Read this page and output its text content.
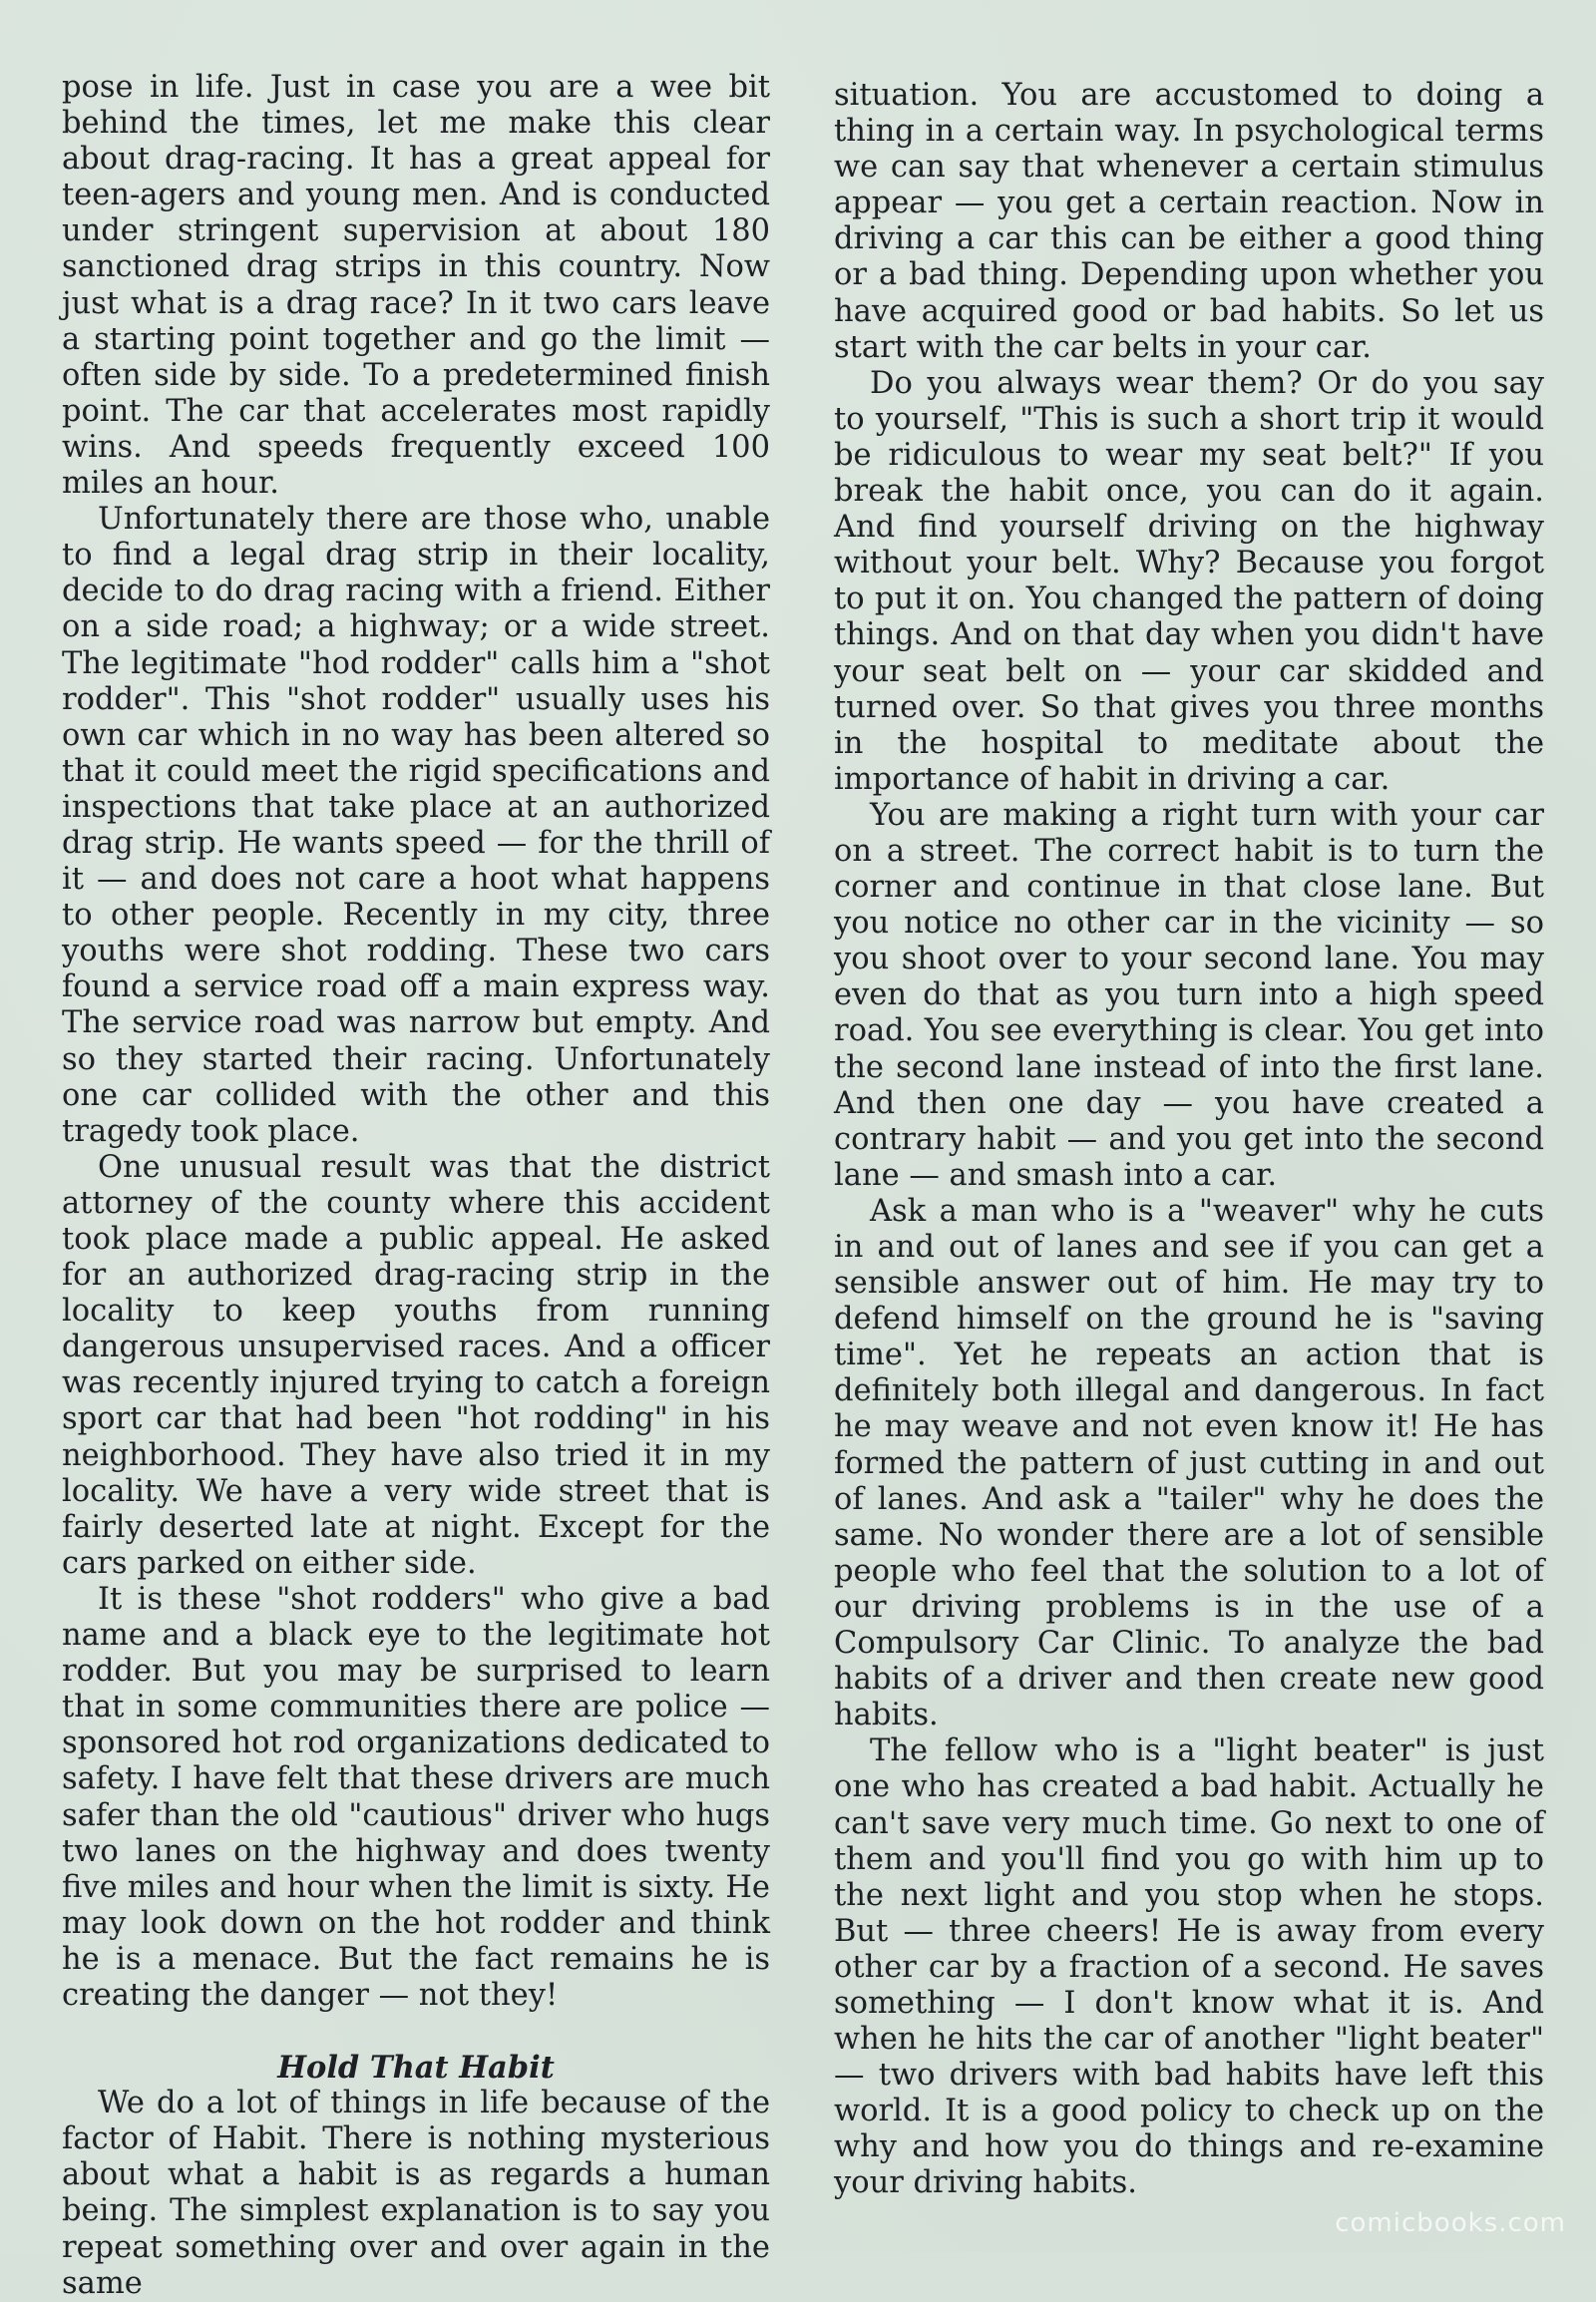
pose in life. Just in case you are a wee bit behind the times, let me make this clear about drag-racing. It has a great appeal for teen-agers and young men. And is conducted under stringent supervision at about 180 sanctioned drag strips in this country. Now just what is a drag race? In it two cars leave a starting point together and go the limit — often side by side. To a predetermined finish point. The car that accelerates most rapidly wins. And speeds frequently exceed 100 miles an hour.

Unfortunately there are those who, unable to find a legal drag strip in their locality, decide to do drag racing with a friend. Either on a side road; a highway; or a wide street. The legitimate "hod rodder" calls him a "shot rodder". This "shot rodder" usually uses his own car which in no way has been altered so that it could meet the rigid specifications and inspections that take place at an authorized drag strip. He wants speed — for the thrill of it — and does not care a hoot what happens to other people. Recently in my city, three youths were shot rodding. These two cars found a service road off a main express way. The service road was narrow but empty. And so they started their racing. Unfortunately one car collided with the other and this tragedy took place.

One unusual result was that the district attorney of the county where this accident took place made a public appeal. He asked for an authorized drag-racing strip in the locality to keep youths from running dangerous unsupervised races. And a officer was recently injured trying to catch a foreign sport car that had been "hot rodding" in his neighborhood. They have also tried it in my locality. We have a very wide street that is fairly deserted late at night. Except for the cars parked on either side.

It is these "shot rodders" who give a bad name and a black eye to the legitimate hot rodder. But you may be surprised to learn that in some communities there are police — sponsored hot rod organizations dedicated to safety. I have felt that these drivers are much safer than the old "cautious" driver who hugs two lanes on the highway and does twenty five miles and hour when the limit is sixty. He may look down on the hot rodder and think he is a menace. But the fact remains he is creating the danger — not they!

Hold That Habit

We do a lot of things in life because of the factor of Habit. There is nothing mysterious about what a habit is as regards a human being. The simplest explanation is to say you repeat something over and over again in the same

situation. You are accustomed to doing a thing in a certain way. In psychological terms we can say that whenever a certain stimulus appear — you get a certain reaction. Now in driving a car this can be either a good thing or a bad thing. Depending upon whether you have acquired good or bad habits. So let us start with the car belts in your car.

Do you always wear them? Or do you say to yourself, "This is such a short trip it would be ridiculous to wear my seat belt?" If you break the habit once, you can do it again. And find yourself driving on the highway without your belt. Why? Because you forgot to put it on. You changed the pattern of doing things. And on that day when you didn't have your seat belt on — your car skidded and turned over. So that gives you three months in the hospital to meditate about the importance of habit in driving a car.

You are making a right turn with your car on a street. The correct habit is to turn the corner and continue in that close lane. But you notice no other car in the vicinity — so you shoot over to your second lane. You may even do that as you turn into a high speed road. You see everything is clear. You get into the second lane instead of into the first lane. And then one day — you have created a contrary habit — and you get into the second lane — and smash into a car.

Ask a man who is a "weaver" why he cuts in and out of lanes and see if you can get a sensible answer out of him. He may try to defend himself on the ground he is "saving time". Yet he repeats an action that is definitely both illegal and dangerous. In fact he may weave and not even know it! He has formed the pattern of just cutting in and out of lanes. And ask a "tailer" why he does the same. No wonder there are a lot of sensible people who feel that the solution to a lot of our driving problems is in the use of a Compulsory Car Clinic. To analyze the bad habits of a driver and then create new good habits.

The fellow who is a "light beater" is just one who has created a bad habit. Actually he can't save very much time. Go next to one of them and you'll find you go with him up to the next light and you stop when he stops. But — three cheers! He is away from every other car by a fraction of a second. He saves something — I don't know what it is. And when he hits the car of another "light beater" — two drivers with bad habits have left this world. It is a good policy to check up on the why and how you do things and re-examine your driving habits.

comicbooks.com
